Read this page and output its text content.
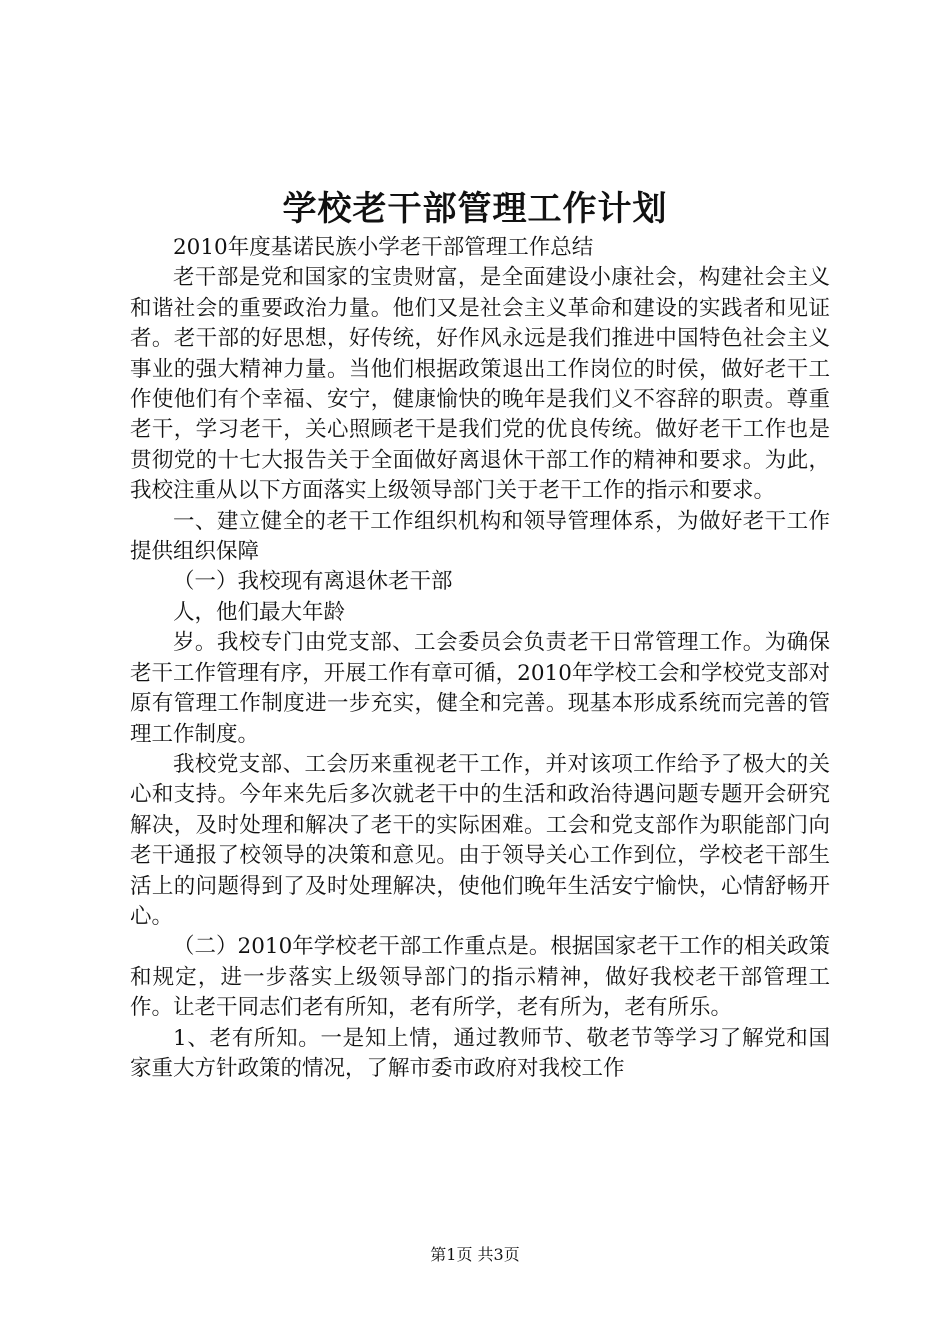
学校老干部管理工作计划

2010年度基诺民族小学老干部管理工作总结

老干部是党和国家的宝贵财富，是全面建设小康社会，构建社会主义和谐社会的重要政治力量。他们又是社会主义革命和建设的实践者和见证者。老干部的好思想，好传统，好作风永远是我们推进中国特色社会主义事业的强大精神力量。当他们根据政策退出工作岗位的时侯，做好老干工作使他们有个幸福、安宁，健康愉快的晚年是我们义不容辞的职责。尊重老干，学习老干，关心照顾老干是我们党的优良传统。做好老干工作也是贯彻党的十七大报告关于全面做好离退休干部工作的精神和要求。为此，我校注重从以下方面落实上级领导部门关于老干工作的指示和要求。

一、建立健全的老干工作组织机构和领导管理体系，为做好老干工作提供组织保障

（一）我校现有离退休老干部

人，他们最大年龄

岁。我校专门由党支部、工会委员会负责老干日常管理工作。为确保老干工作管理有序，开展工作有章可循，2010年学校工会和学校党支部对原有管理工作制度进一步充实，健全和完善。现基本形成系统而完善的管理工作制度。

我校党支部、工会历来重视老干工作，并对该项工作给予了极大的关心和支持。今年来先后多次就老干中的生活和政治待遇问题专题开会研究解决，及时处理和解决了老干的实际困难。工会和党支部作为职能部门向老干通报了校领导的决策和意见。由于领导关心工作到位，学校老干部生活上的问题得到了及时处理解决，使他们晚年生活安宁愉快，心情舒畅开心。

（二）2010年学校老干部工作重点是。根据国家老干工作的相关政策和规定，进一步落实上级领导部门的指示精神，做好我校老干部管理工作。让老干同志们老有所知，老有所学，老有所为，老有所乐。

1、老有所知。一是知上情，通过教师节、敬老节等学习了解党和国家重大方针政策的情况，了解市委市政府对我校工作

第1页 共3页
